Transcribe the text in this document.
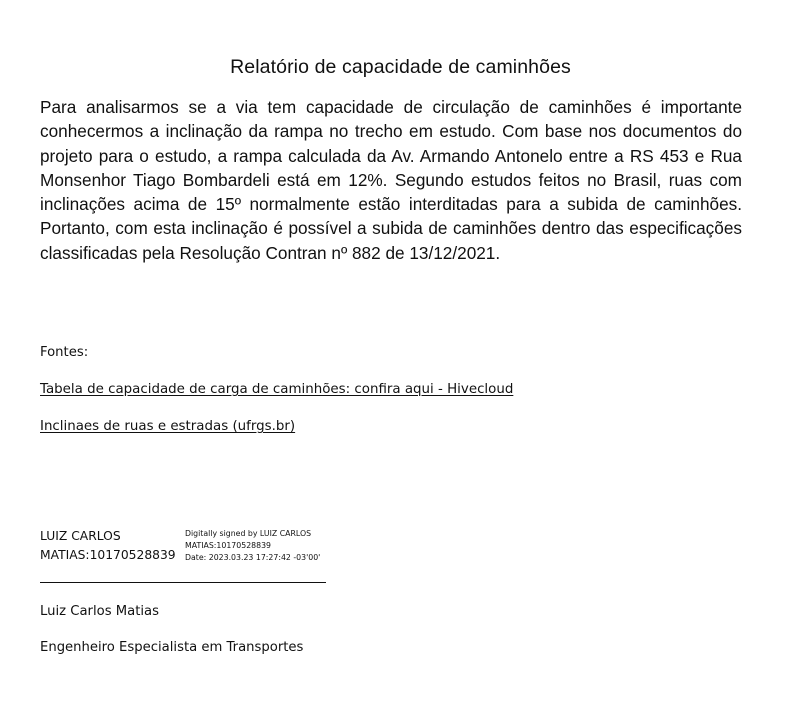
Relatório de capacidade de caminhões
Para analisarmos se a via tem capacidade de circulação de caminhões é importante conhecermos a inclinação da rampa no trecho em estudo. Com base nos documentos do projeto para o estudo, a rampa calculada da Av. Armando Antonelo entre a RS 453 e Rua Monsenhor Tiago Bombardeli está em 12%. Segundo estudos feitos no Brasil, ruas com inclinações acima de 15º normalmente estão interditadas para a subida de caminhões. Portanto, com esta inclinação é possível a subida de caminhões dentro das especificações classificadas pela Resolução Contran nº 882 de 13/12/2021.
Fontes:
Tabela de capacidade de carga de caminhões: confira aqui - Hivecloud
Inclinaes de ruas e estradas (ufrgs.br)
LUIZ CARLOS
MATIAS:10170528839
Digitally signed by LUIZ CARLOS
MATIAS:10170528839
Date: 2023.03.23 17:27:42 -03'00'
Luiz Carlos Matias
Engenheiro Especialista em Transportes
